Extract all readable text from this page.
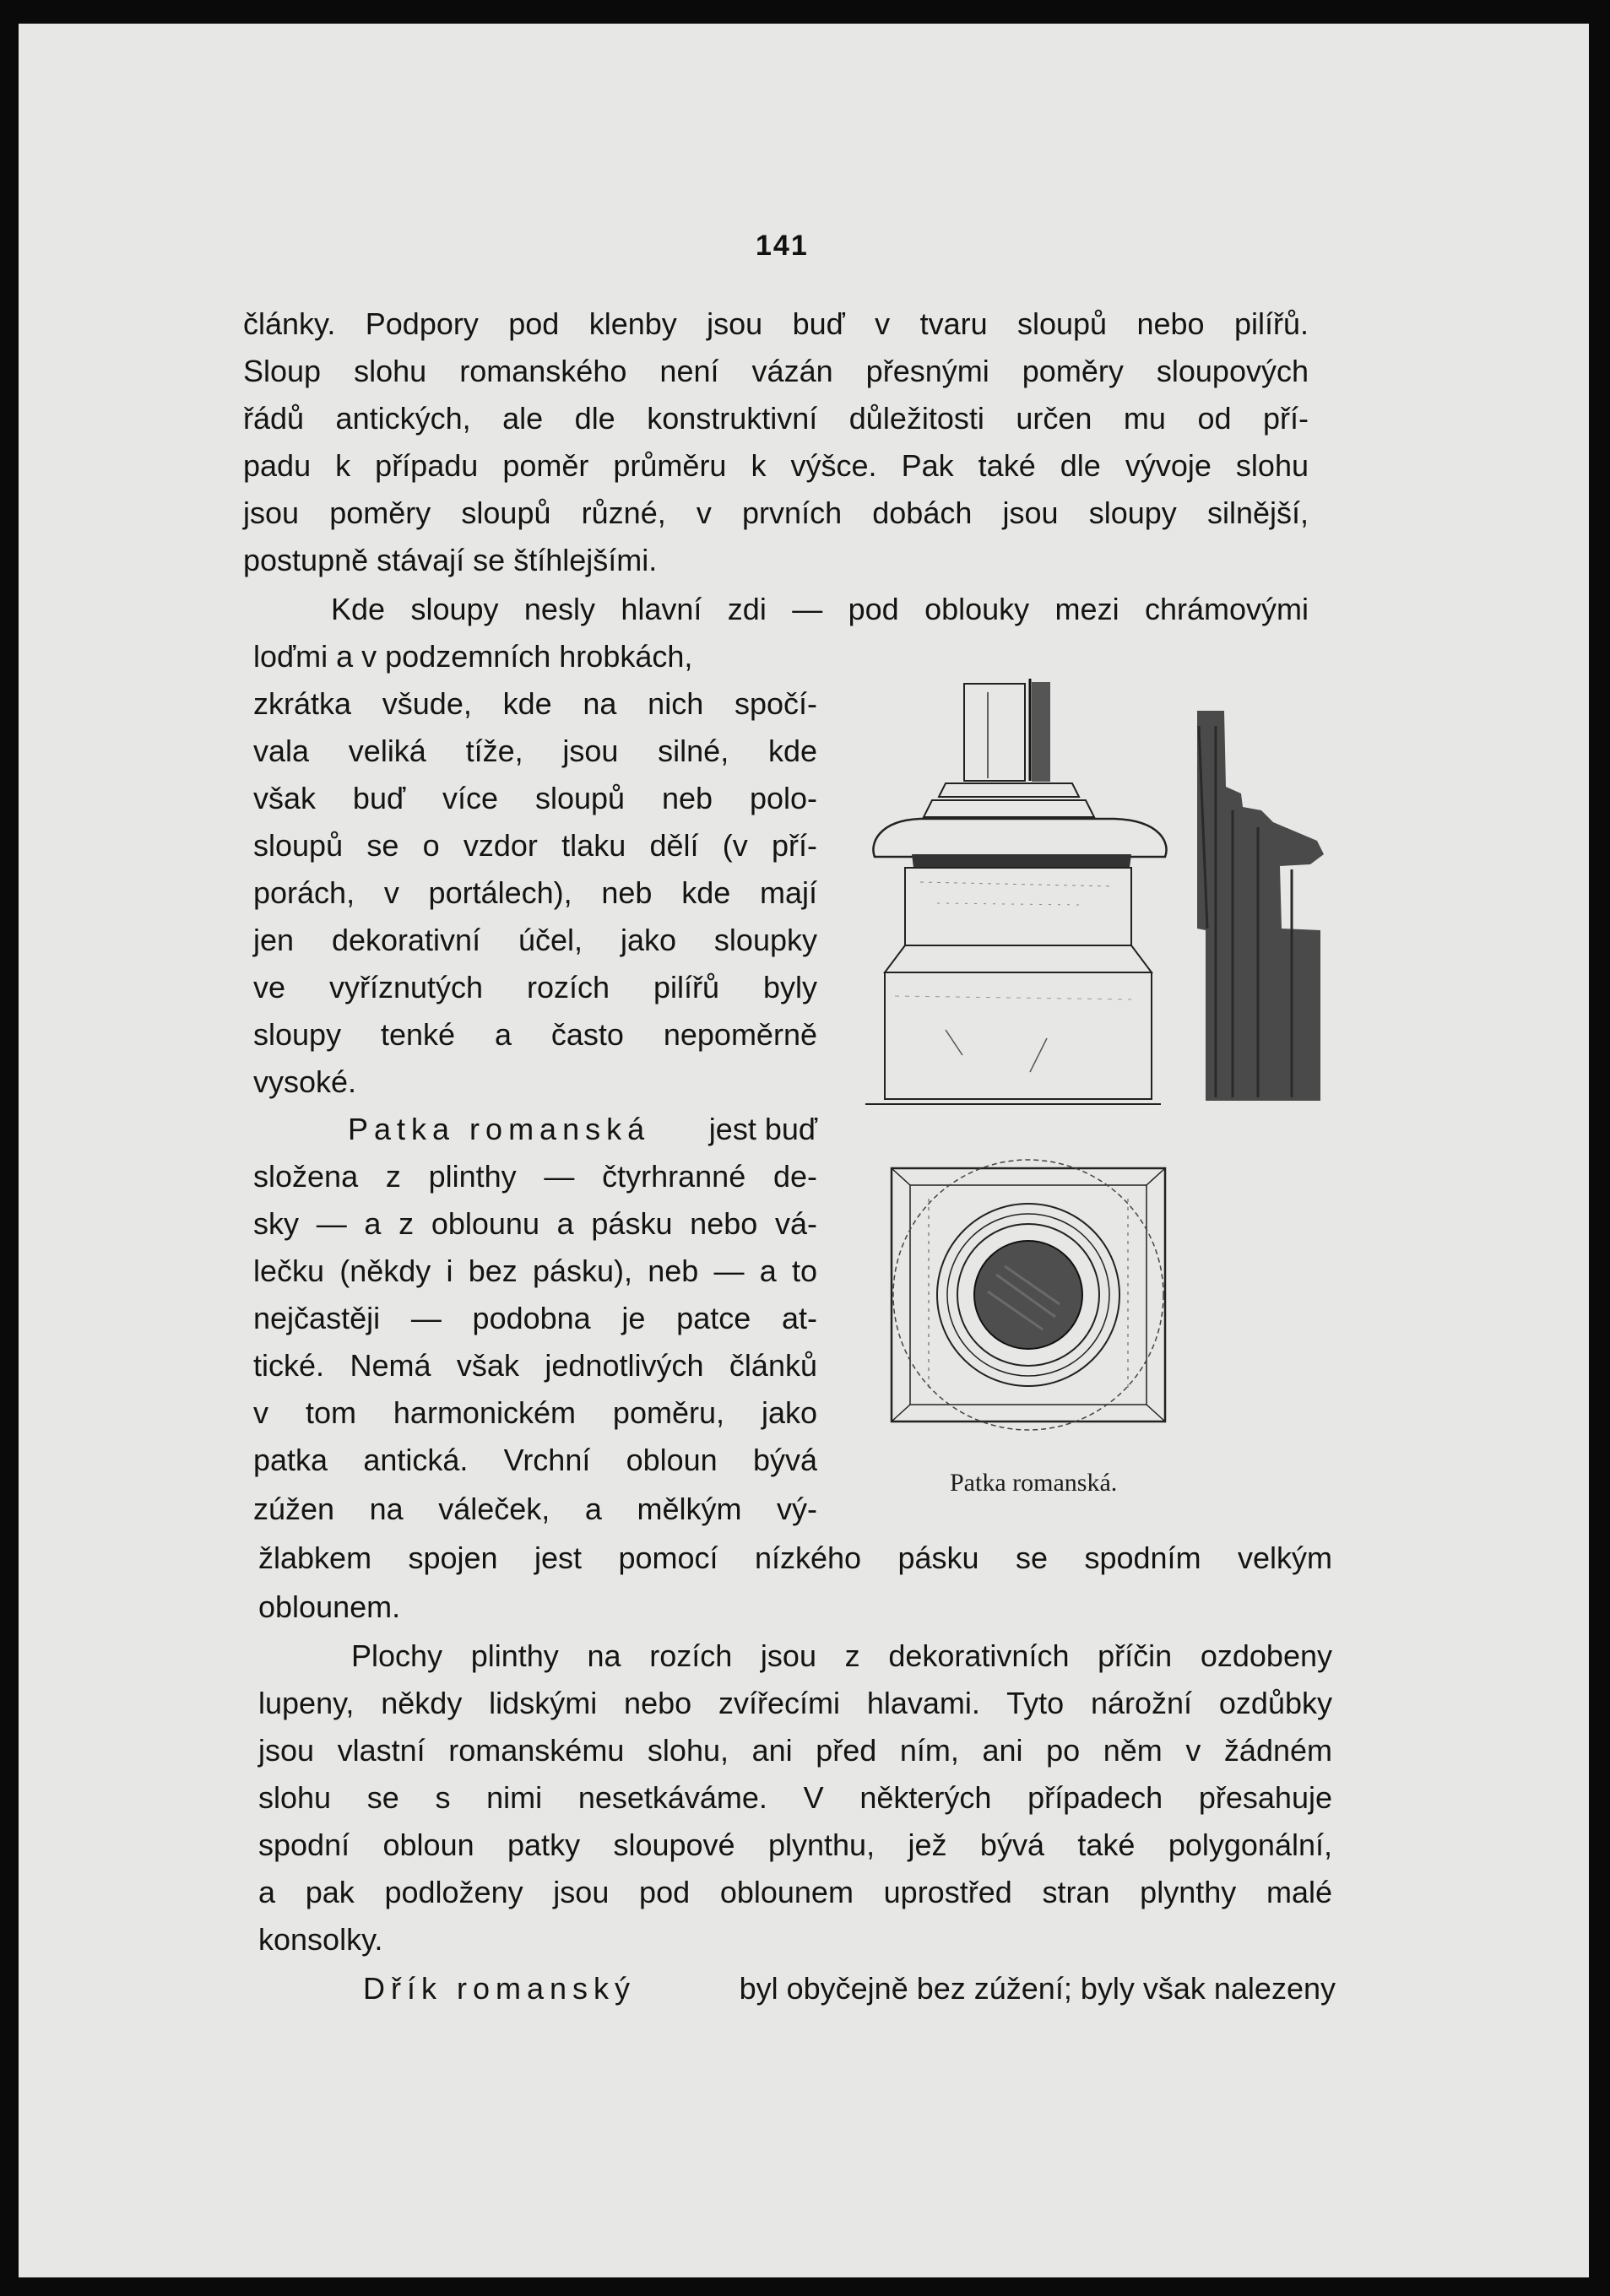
141
články. Podpory pod klenby jsou buď v tvaru sloupů nebo pilířů.
Sloup slohu romanského není vázán přesnými poměry sloupových
řádů antických, ale dle konstruktivní důležitosti určen mu od pří-
padu k případu poměr průměru k výšce. Pak také dle vývoje slohu
jsou poměry sloupů různé, v prvních dobách jsou sloupy silnější,
postupně stávají se štíhlejšími.
Kde sloupy nesly hlavní zdi — pod oblouky mezi chrámovými
loďmi a v podzemních hrobkách,
zkrátka všude, kde na nich spočí-
vala veliká tíže, jsou silné, kde
však buď více sloupů neb polo-
sloupů se o vzdor tlaku dělí (v pří-
porách, v portálech), neb kde mají
jen dekorativní účel, jako sloupky
ve vyříznutých rozích pilířů byly
sloupy tenké a často nepoměrně
vysoké.
Patka romanská jest buď
složena z plinthy — čtyrhranné de-
sky — a z oblounu a pásku nebo vá-
lečku (někdy i bez pásku), neb — a to
nejčastěji — podobna je patce at-
tické. Nemá však jednotlivých článků
v tom harmonickém poměru, jako
patka antická. Vrchní obloun bývá
zúžen na váleček, a mělkým vý-
žlabkem spojen jest pomocí nízkého pásku se spodním velkým
oblounem.
Plochy plinthy na rozích jsou z dekorativních příčin ozdobeny
lupeny, někdy lidskými nebo zvířecími hlavami. Tyto nárožní ozdůbky
jsou vlastní romanskému slohu, ani před ním, ani po něm v žádném
slohu se s nimi nesetkáváme. V některých případech přesahuje
spodní obloun patky sloupové plynthu, jež bývá také polygonální,
a pak podloženy jsou pod oblounem uprostřed stran plynthy malé
konsolky.
Dřík romanský	byl obyčejně bez zúžení; byly však nalezeny
Patka romanská.
